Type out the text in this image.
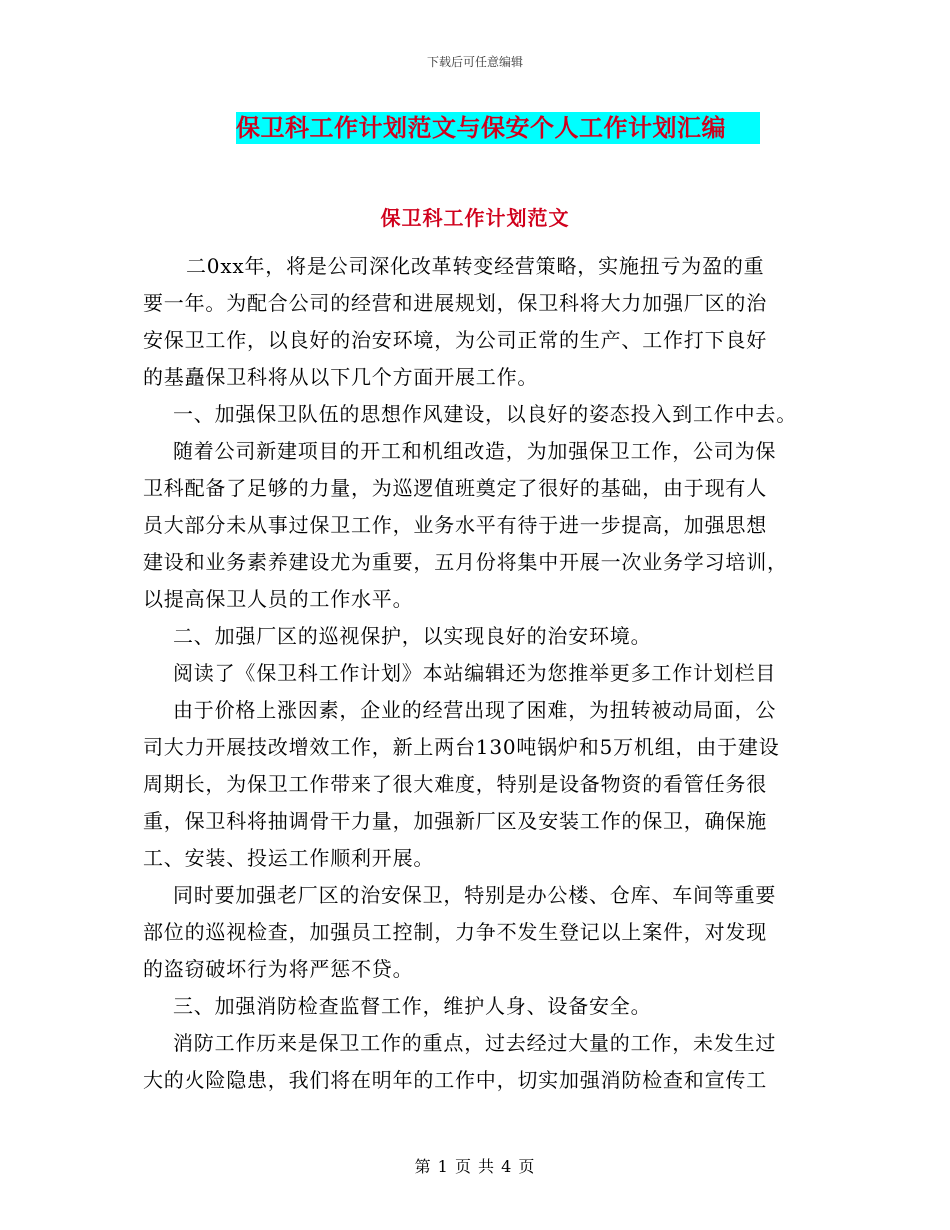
下载后可任意编辑
保卫科工作计划范文与保安个人工作计划汇编
保卫科工作计划范文
二0xx年，将是公司深化改革转变经营策略，实施扭亏为盈的重
要一年。为配合公司的经营和进展规划，保卫科将大力加强厂区的治
安保卫工作，以良好的治安环境，为公司正常的生产、工作打下良好
的基矗保卫科将从以下几个方面开展工作。
一、加强保卫队伍的思想作风建设，以良好的姿态投入到工作中去。
随着公司新建项目的开工和机组改造，为加强保卫工作，公司为保
卫科配备了足够的力量，为巡逻值班奠定了很好的基础，由于现有人
员大部分未从事过保卫工作，业务水平有待于进一步提高，加强思想
建设和业务素养建设尤为重要，五月份将集中开展一次业务学习培训，
以提高保卫人员的工作水平。
二、加强厂区的巡视保护，以实现良好的治安环境。
阅读了《保卫科工作计划》本站编辑还为您推举更多工作计划栏目
由于价格上涨因素，企业的经营出现了困难，为扭转被动局面，公
司大力开展技改增效工作，新上两台130吨锅炉和5万机组，由于建设
周期长，为保卫工作带来了很大难度，特别是设备物资的看管任务很
重，保卫科将抽调骨干力量，加强新厂区及安装工作的保卫，确保施
工、安装、投运工作顺利开展。
同时要加强老厂区的治安保卫，特别是办公楼、仓库、车间等重要
部位的巡视检查，加强员工控制，力争不发生登记以上案件，对发现
的盗窃破坏行为将严惩不贷。
三、加强消防检查监督工作，维护人身、设备安全。
消防工作历来是保卫工作的重点，过去经过大量的工作，未发生过
大的火险隐患，我们将在明年的工作中，切实加强消防检查和宣传工
第 1 页 共 4 页
